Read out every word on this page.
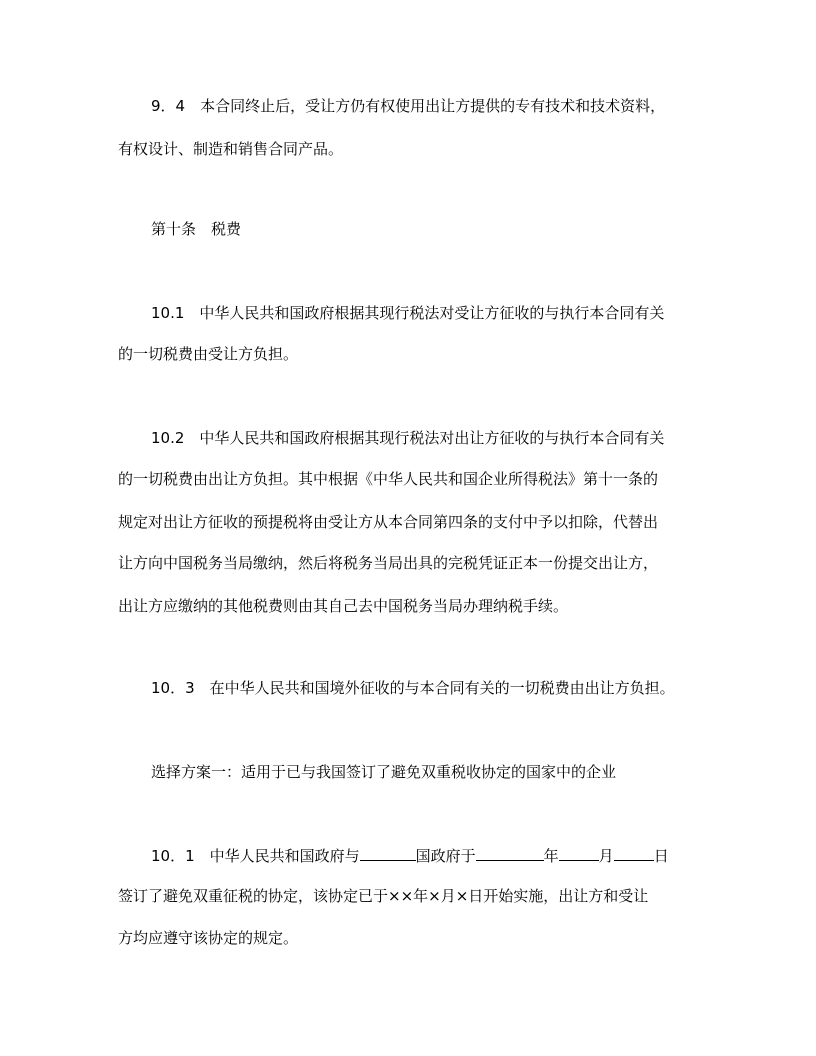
9．4　本合同终止后，受让方仍有权使用出让方提供的专有技术和技术资料，
有权设计、制造和销售合同产品。
第十条　税费
10.1　中华人民共和国政府根据其现行税法对受让方征收的与执行本合同有关
的一切税费由受让方负担。
10.2　中华人民共和国政府根据其现行税法对出让方征收的与执行本合同有关
的一切税费由出让方负担。其中根据《中华人民共和国企业所得税法》第十一条的
规定对出让方征收的预提税将由受让方从本合同第四条的支付中予以扣除，代替出
让方向中国税务当局缴纳，然后将税务当局出具的完税凭证正本一份提交出让方，
出让方应缴纳的其他税费则由其自己去中国税务当局办理纳税手续。
10．3　在中华人民共和国境外征收的与本合同有关的一切税费由出让方负担。
选择方案一：适用于已与我国签订了避免双重税收协定的国家中的企业
10．1　中华人民共和国政府与	国政府于	年	月	日
签订了避免双重征税的协定，该协定已于××年×月×日开始实施，出让方和受让
方均应遵守该协定的规定。
